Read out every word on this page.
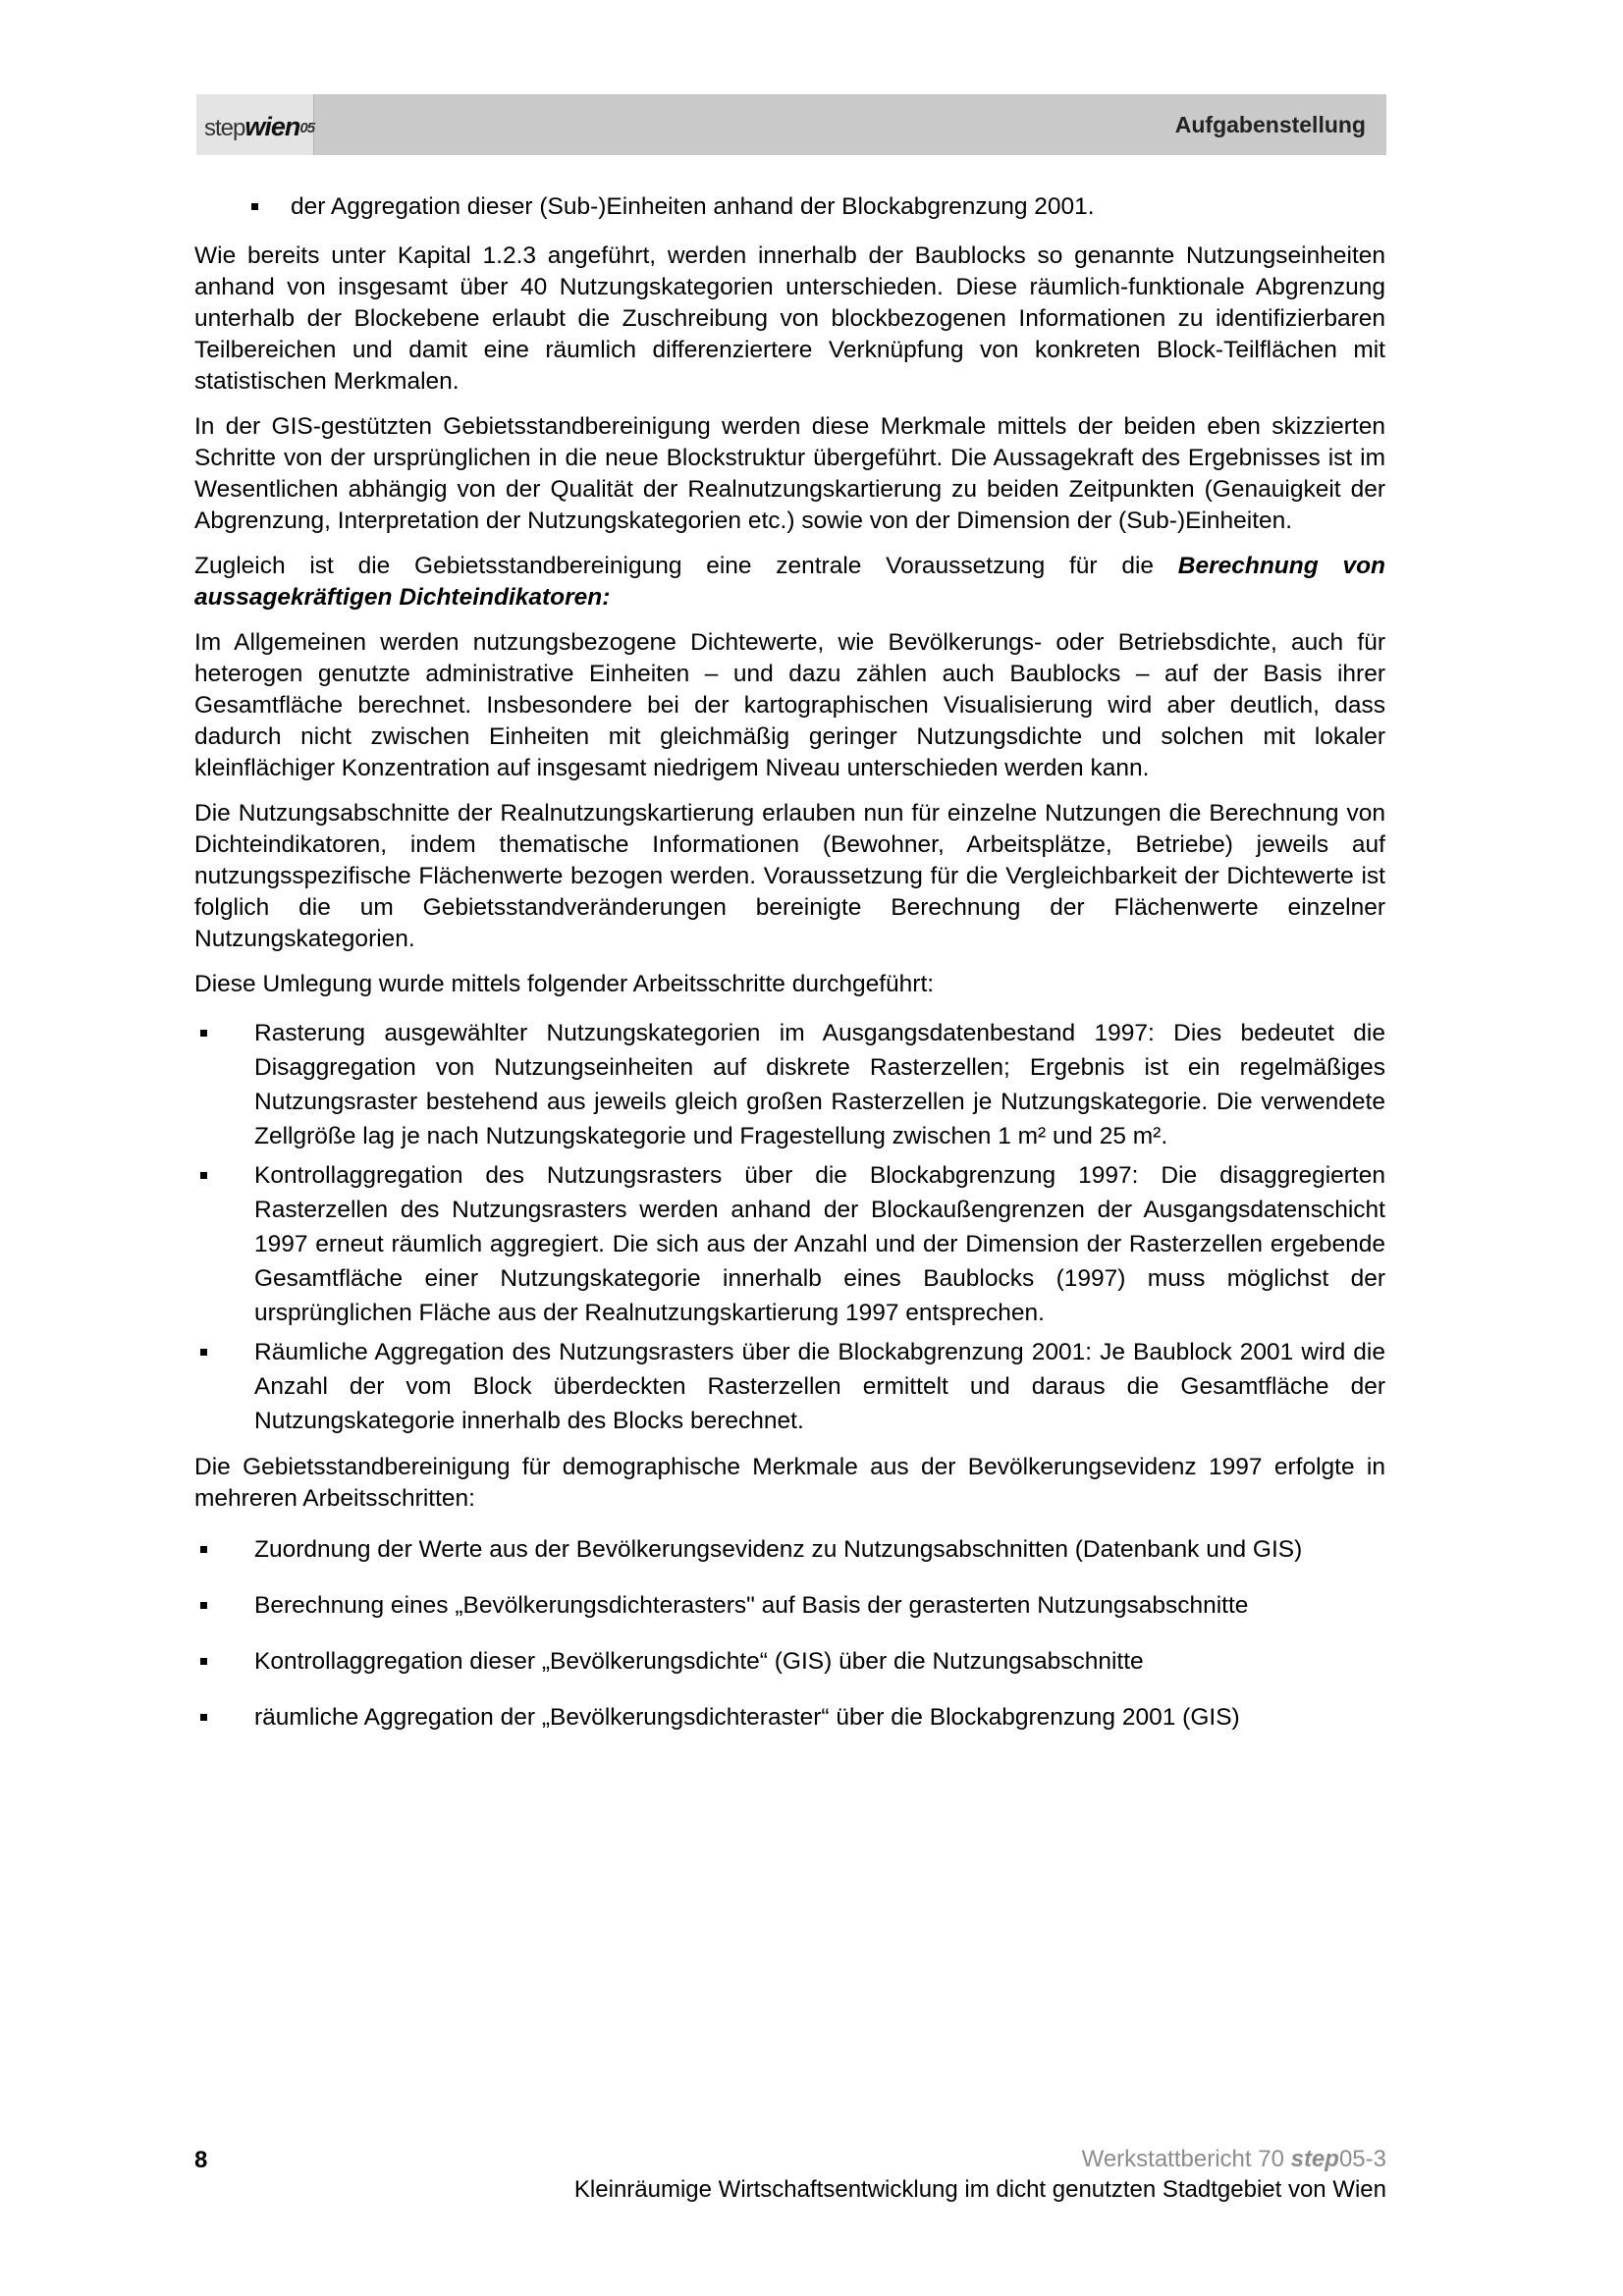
stepwien05	Aufgabenstellung
der Aggregation dieser (Sub-)Einheiten anhand der Blockabgrenzung 2001.

Wie bereits unter Kapital 1.2.3 angeführt, werden innerhalb der Baublocks so genannte Nutzungseinheiten anhand von insgesamt über 40 Nutzungskategorien unterschieden. Diese räumlich-funktionale Abgrenzung unterhalb der Blockebene erlaubt die Zuschreibung von blockbezogenen Informationen zu identifizierbaren Teilbereichen und damit eine räumlich differenziertere Verknüpfung von konkreten Block-Teilflächen mit statistischen Merkmalen.

In der GIS-gestützten Gebietsstandbereinigung werden diese Merkmale mittels der beiden eben skizzierten Schritte von der ursprünglichen in die neue Blockstruktur übergeführt. Die Aussagekraft des Ergebnisses ist im Wesentlichen abhängig von der Qualität der Realnutzungskartierung zu beiden Zeitpunkten (Genauigkeit der Abgrenzung, Interpretation der Nutzungskategorien etc.) sowie von der Dimension der (Sub-)Einheiten.

Zugleich ist die Gebietsstandbereinigung eine zentrale Voraussetzung für die Berechnung von aussagekräftigen Dichteindikatoren:

Im Allgemeinen werden nutzungsbezogene Dichtewerte, wie Bevölkerungs- oder Betriebsdichte, auch für heterogen genutzte administrative Einheiten – und dazu zählen auch Baublocks – auf der Basis ihrer Gesamtfläche berechnet. Insbesondere bei der kartographischen Visualisierung wird aber deutlich, dass dadurch nicht zwischen Einheiten mit gleichmäßig geringer Nutzungsdichte und solchen mit lokaler kleinflächiger Konzentration auf insgesamt niedrigem Niveau unterschieden werden kann.

Die Nutzungsabschnitte der Realnutzungskartierung erlauben nun für einzelne Nutzungen die Berechnung von Dichteindikatoren, indem thematische Informationen (Bewohner, Arbeitsplätze, Betriebe) jeweils auf nutzungsspezifische Flächenwerte bezogen werden. Voraussetzung für die Vergleichbarkeit der Dichtewerte ist folglich die um Gebietsstandveränderungen bereinigte Berechnung der Flächenwerte einzelner Nutzungskategorien.

Diese Umlegung wurde mittels folgender Arbeitsschritte durchgeführt:

Rasterung ausgewählter Nutzungskategorien im Ausgangsdatenbestand 1997: Dies bedeutet die Disaggregation von Nutzungseinheiten auf diskrete Rasterzellen; Ergebnis ist ein regelmäßiges Nutzungsraster bestehend aus jeweils gleich großen Rasterzellen je Nutzungskategorie. Die verwendete Zellgröße lag je nach Nutzungskategorie und Fragestellung zwischen 1 m² und 25 m².
Kontrollaggregation des Nutzungsrasters über die Blockabgrenzung 1997: Die disaggregierten Rasterzellen des Nutzungsrasters werden anhand der Blockaußengrenzen der Ausgangsdatenschicht 1997 erneut räumlich aggregiert. Die sich aus der Anzahl und der Dimension der Rasterzellen ergebende Gesamtfläche einer Nutzungskategorie innerhalb eines Baublocks (1997) muss möglichst der ursprünglichen Fläche aus der Realnutzungskartierung 1997 entsprechen.
Räumliche Aggregation des Nutzungsrasters über die Blockabgrenzung 2001: Je Baublock 2001 wird die Anzahl der vom Block überdeckten Rasterzellen ermittelt und daraus die Gesamtfläche der Nutzungskategorie innerhalb des Blocks berechnet.

Die Gebietsstandbereinigung für demographische Merkmale aus der Bevölkerungsevidenz 1997 erfolgte in mehreren Arbeitsschritten:

Zuordnung der Werte aus der Bevölkerungsevidenz zu Nutzungsabschnitten (Datenbank und GIS)
Berechnung eines „Bevölkerungsdichterasters" auf Basis der gerasterten Nutzungsabschnitte
Kontrollaggregation dieser „Bevölkerungsdichte“ (GIS) über die Nutzungsabschnitte
räumliche Aggregation der „Bevölkerungsdichteraster“ über die Blockabgrenzung 2001 (GIS)
8	Werkstattbericht 70 step05-3
Kleinräumige Wirtschaftsentwicklung im dicht genutzten Stadtgebiet von Wien
